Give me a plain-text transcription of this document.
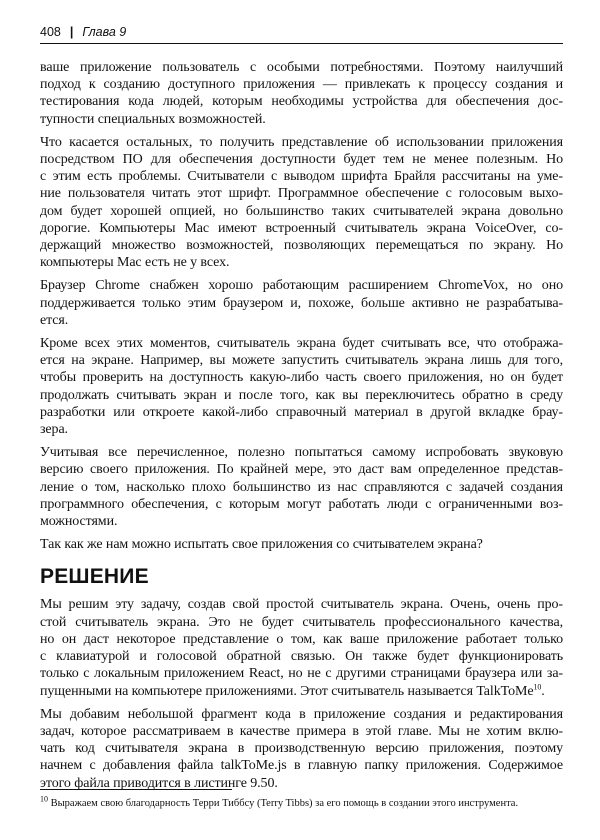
408 | Глава 9
ваше приложение пользователь с особыми потребностями. Поэтому наилучший
подход к созданию доступного приложения — привлекать к процессу создания и
тестирования кода людей, которым необходимы устройства для обеспечения дос-
тупности специальных возможностей.
Что касается остальных, то получить представление об использовании приложения
посредством ПО для обеспечения доступности будет тем не менее полезным. Но
с этим есть проблемы. Считыватели с выводом шрифта Брайля рассчитаны на уме-
ние пользователя читать этот шрифт. Программное обеспечение с голосовым выхо-
дом будет хорошей опцией, но большинство таких считывателей экрана довольно
дорогие. Компьютеры Mac имеют встроенный считыватель экрана VoiceOver, со-
держащий множество возможностей, позволяющих перемещаться по экрану. Но
компьютеры Mac есть не у всех.
Браузер Chrome снабжен хорошо работающим расширением ChromeVox, но оно
поддерживается только этим браузером и, похоже, больше активно не разрабатыва-
ется.
Кроме всех этих моментов, считыватель экрана будет считывать все, что отобража-
ется на экране. Например, вы можете запустить считыватель экрана лишь для того,
чтобы проверить на доступность какую-либо часть своего приложения, но он будет
продолжать считывать экран и после того, как вы переключитесь обратно в среду
разработки или откроете какой-либо справочный материал в другой вкладке брау-
зера.
Учитывая все перечисленное, полезно попытаться самому испробовать звуковую
версию своего приложения. По крайней мере, это даст вам определенное представ-
ление о том, насколько плохо большинство из нас справляются с задачей создания
программного обеспечения, с которым могут работать люди с ограниченными воз-
можностями.
Так как же нам можно испытать свое приложения со считывателем экрана?
РЕШЕНИЕ
Мы решим эту задачу, создав свой простой считыватель экрана. Очень, очень про-
стой считыватель экрана. Это не будет считыватель профессионального качества,
но он даст некоторое представление о том, как ваше приложение работает только
с клавиатурой и голосовой обратной связью. Он также будет функционировать
только с локальным приложением React, но не с другими страницами браузера или за-
пущенными на компьютере приложениями. Этот считыватель называется TalkToMe$^{10}$.
Мы добавим небольшой фрагмент кода в приложение создания и редактирования
задач, которое рассматриваем в качестве примера в этой главе. Мы не хотим вклю-
чать код считывателя экрана в производственную версию приложения, поэтому
начнем с добавления файла talkToMe.js в главную папку приложения. Содержимое
этого файла приводится в листинге 9.50.
$^{10}$ Выражаем свою благодарность Терри Тиббсу (Terry Tibbs) за его помощь в создании этого инструмента.
